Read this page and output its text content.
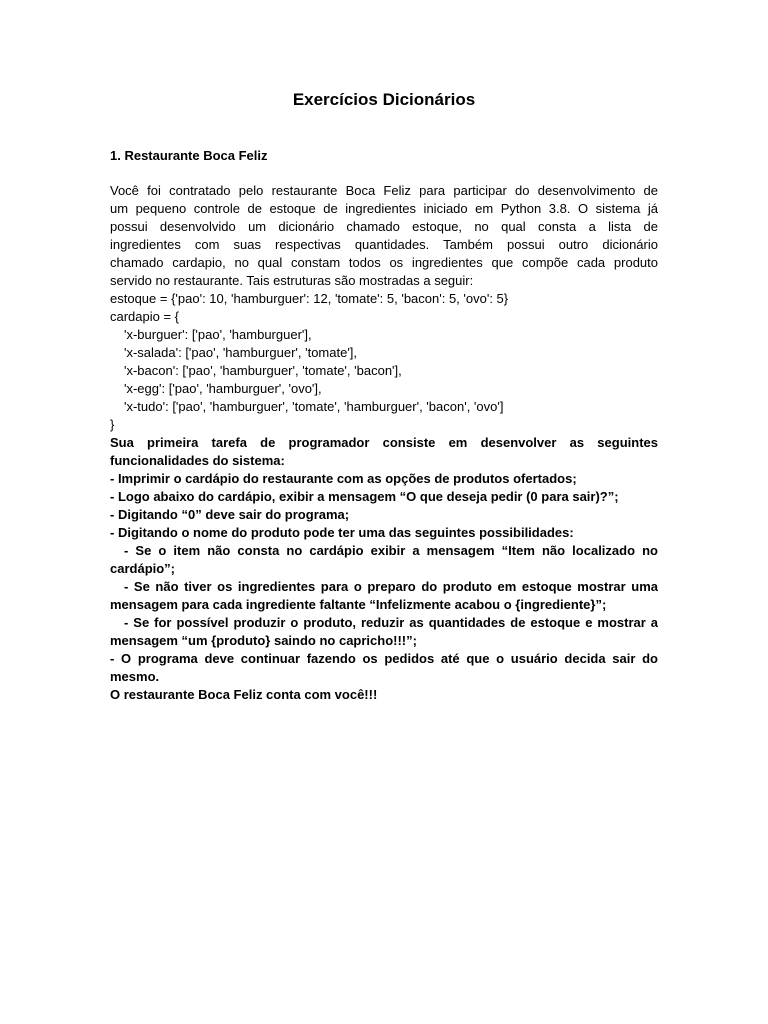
Exercícios Dicionários
1. Restaurante Boca Feliz
Você foi contratado pelo restaurante Boca Feliz para participar do desenvolvimento de
um pequeno controle de estoque de ingredientes iniciado em Python 3.8. O sistema já
possui desenvolvido um dicionário chamado estoque, no qual consta a lista de
ingredientes com suas respectivas quantidades. Também possui outro dicionário
chamado cardapio, no qual constam todos os ingredientes que compõe cada produto
servido no restaurante. Tais estruturas são mostradas a seguir:
estoque = {'pao': 10, 'hamburguer': 12, 'tomate': 5, 'bacon': 5, 'ovo': 5}
cardapio = {
'x-burguer': ['pao', 'hamburguer'],
'x-salada': ['pao', 'hamburguer', 'tomate'],
'x-bacon': ['pao', 'hamburguer', 'tomate', 'bacon'],
'x-egg': ['pao', 'hamburguer', 'ovo'],
'x-tudo': ['pao', 'hamburguer', 'tomate', 'hamburguer', 'bacon', 'ovo']
}
Sua primeira tarefa de programador consiste em desenvolver as seguintes
funcionalidades do sistema:
- Imprimir o cardápio do restaurante com as opções de produtos ofertados;
- Logo abaixo do cardápio, exibir a mensagem “O que deseja pedir (0 para sair)?”;
- Digitando “0” deve sair do programa;
- Digitando o nome do produto pode ter uma das seguintes possibilidades:
- Se o item não consta no cardápio exibir a mensagem “Item não localizado no
cardápio”;
- Se não tiver os ingredientes para o preparo do produto em estoque mostrar uma
mensagem para cada ingrediente faltante “Infelizmente acabou o {ingrediente}”;
- Se for possível produzir o produto, reduzir as quantidades de estoque e mostrar a
mensagem “um {produto} saindo no capricho!!!”;
- O programa deve continuar fazendo os pedidos até que o usuário decida sair do
mesmo.
O restaurante Boca Feliz conta com você!!!
